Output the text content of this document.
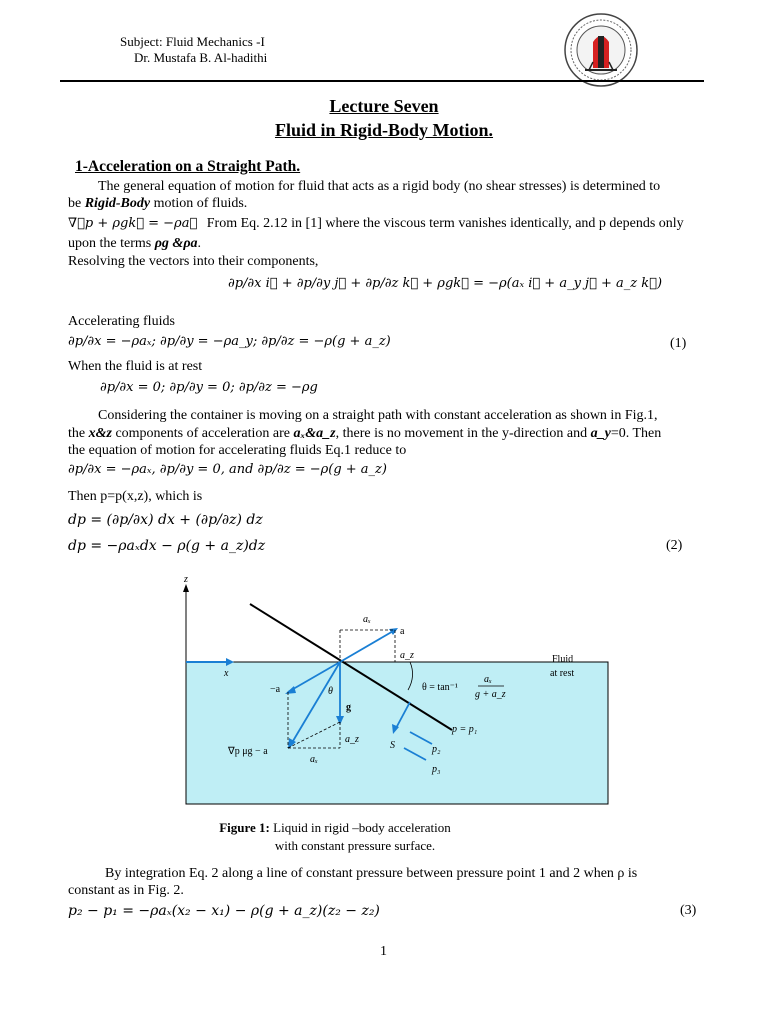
Subject: Fluid Mechanics -I
Dr. Mustafa B. Al-hadithi
Lecture Seven
Fluid in Rigid-Body Motion.
1-Acceleration on a Straight Path.
The general equation of motion for fluid that acts as a rigid body (no shear stresses) is determined to
be Rigid-Body motion of fluids.
∇⃗p + ρgk⃗ = −ρa⃗ From Eq. 2.12 in [1] where the viscous term vanishes identically, and p depends only
upon the terms ρg &ρa.
Resolving the vectors into their components,
∂p/∂x i⃗ + ∂p/∂y j⃗ + ∂p/∂z k⃗ + ρgk⃗ = −ρ(aₓ i⃗ + a_y j⃗ + a_z k⃗)
Accelerating fluids
∂p/∂x = −ρaₓ; ∂p/∂y = −ρa_y; ∂p/∂z = −ρ(g + a_z)	(1)
When the fluid is at rest
∂p/∂x = 0; ∂p/∂y = 0; ∂p/∂z = −ρg
Considering the container is moving on a straight path with constant acceleration as shown in Fig.1,
the x&z components of acceleration are aₓ&a_z, there is no movement in the y-direction and a_y=0. Then
the equation of motion for accelerating fluids Eq.1 reduce to
∂p/∂x = −ρaₓ, ∂p/∂y = 0, and ∂p/∂z = −ρ(g + a_z)
Then p=p(x,z), which is
dp = (∂p/∂x) dx + (∂p/∂z) dz
dp = −ρaₓdx − ρ(g + a_z)dz	(2)
z
x
aₓ
a
a_z
−a
g
θ
a_z
aₓ
∇p μg − a
θ = tan⁻¹
aₓ
g + a_z
S
p = p₁
p₂
p₃
Fluid
at rest
Figure 1: Liquid in rigid –body acceleration
with constant pressure surface.
By integration Eq. 2 along a line of constant pressure between pressure point 1 and 2 when ρ is
constant as in Fig. 2.
p₂ − p₁ = −ρaₓ(x₂ − x₁) − ρ(g + a_z)(z₂ − z₂)	(3)
1
